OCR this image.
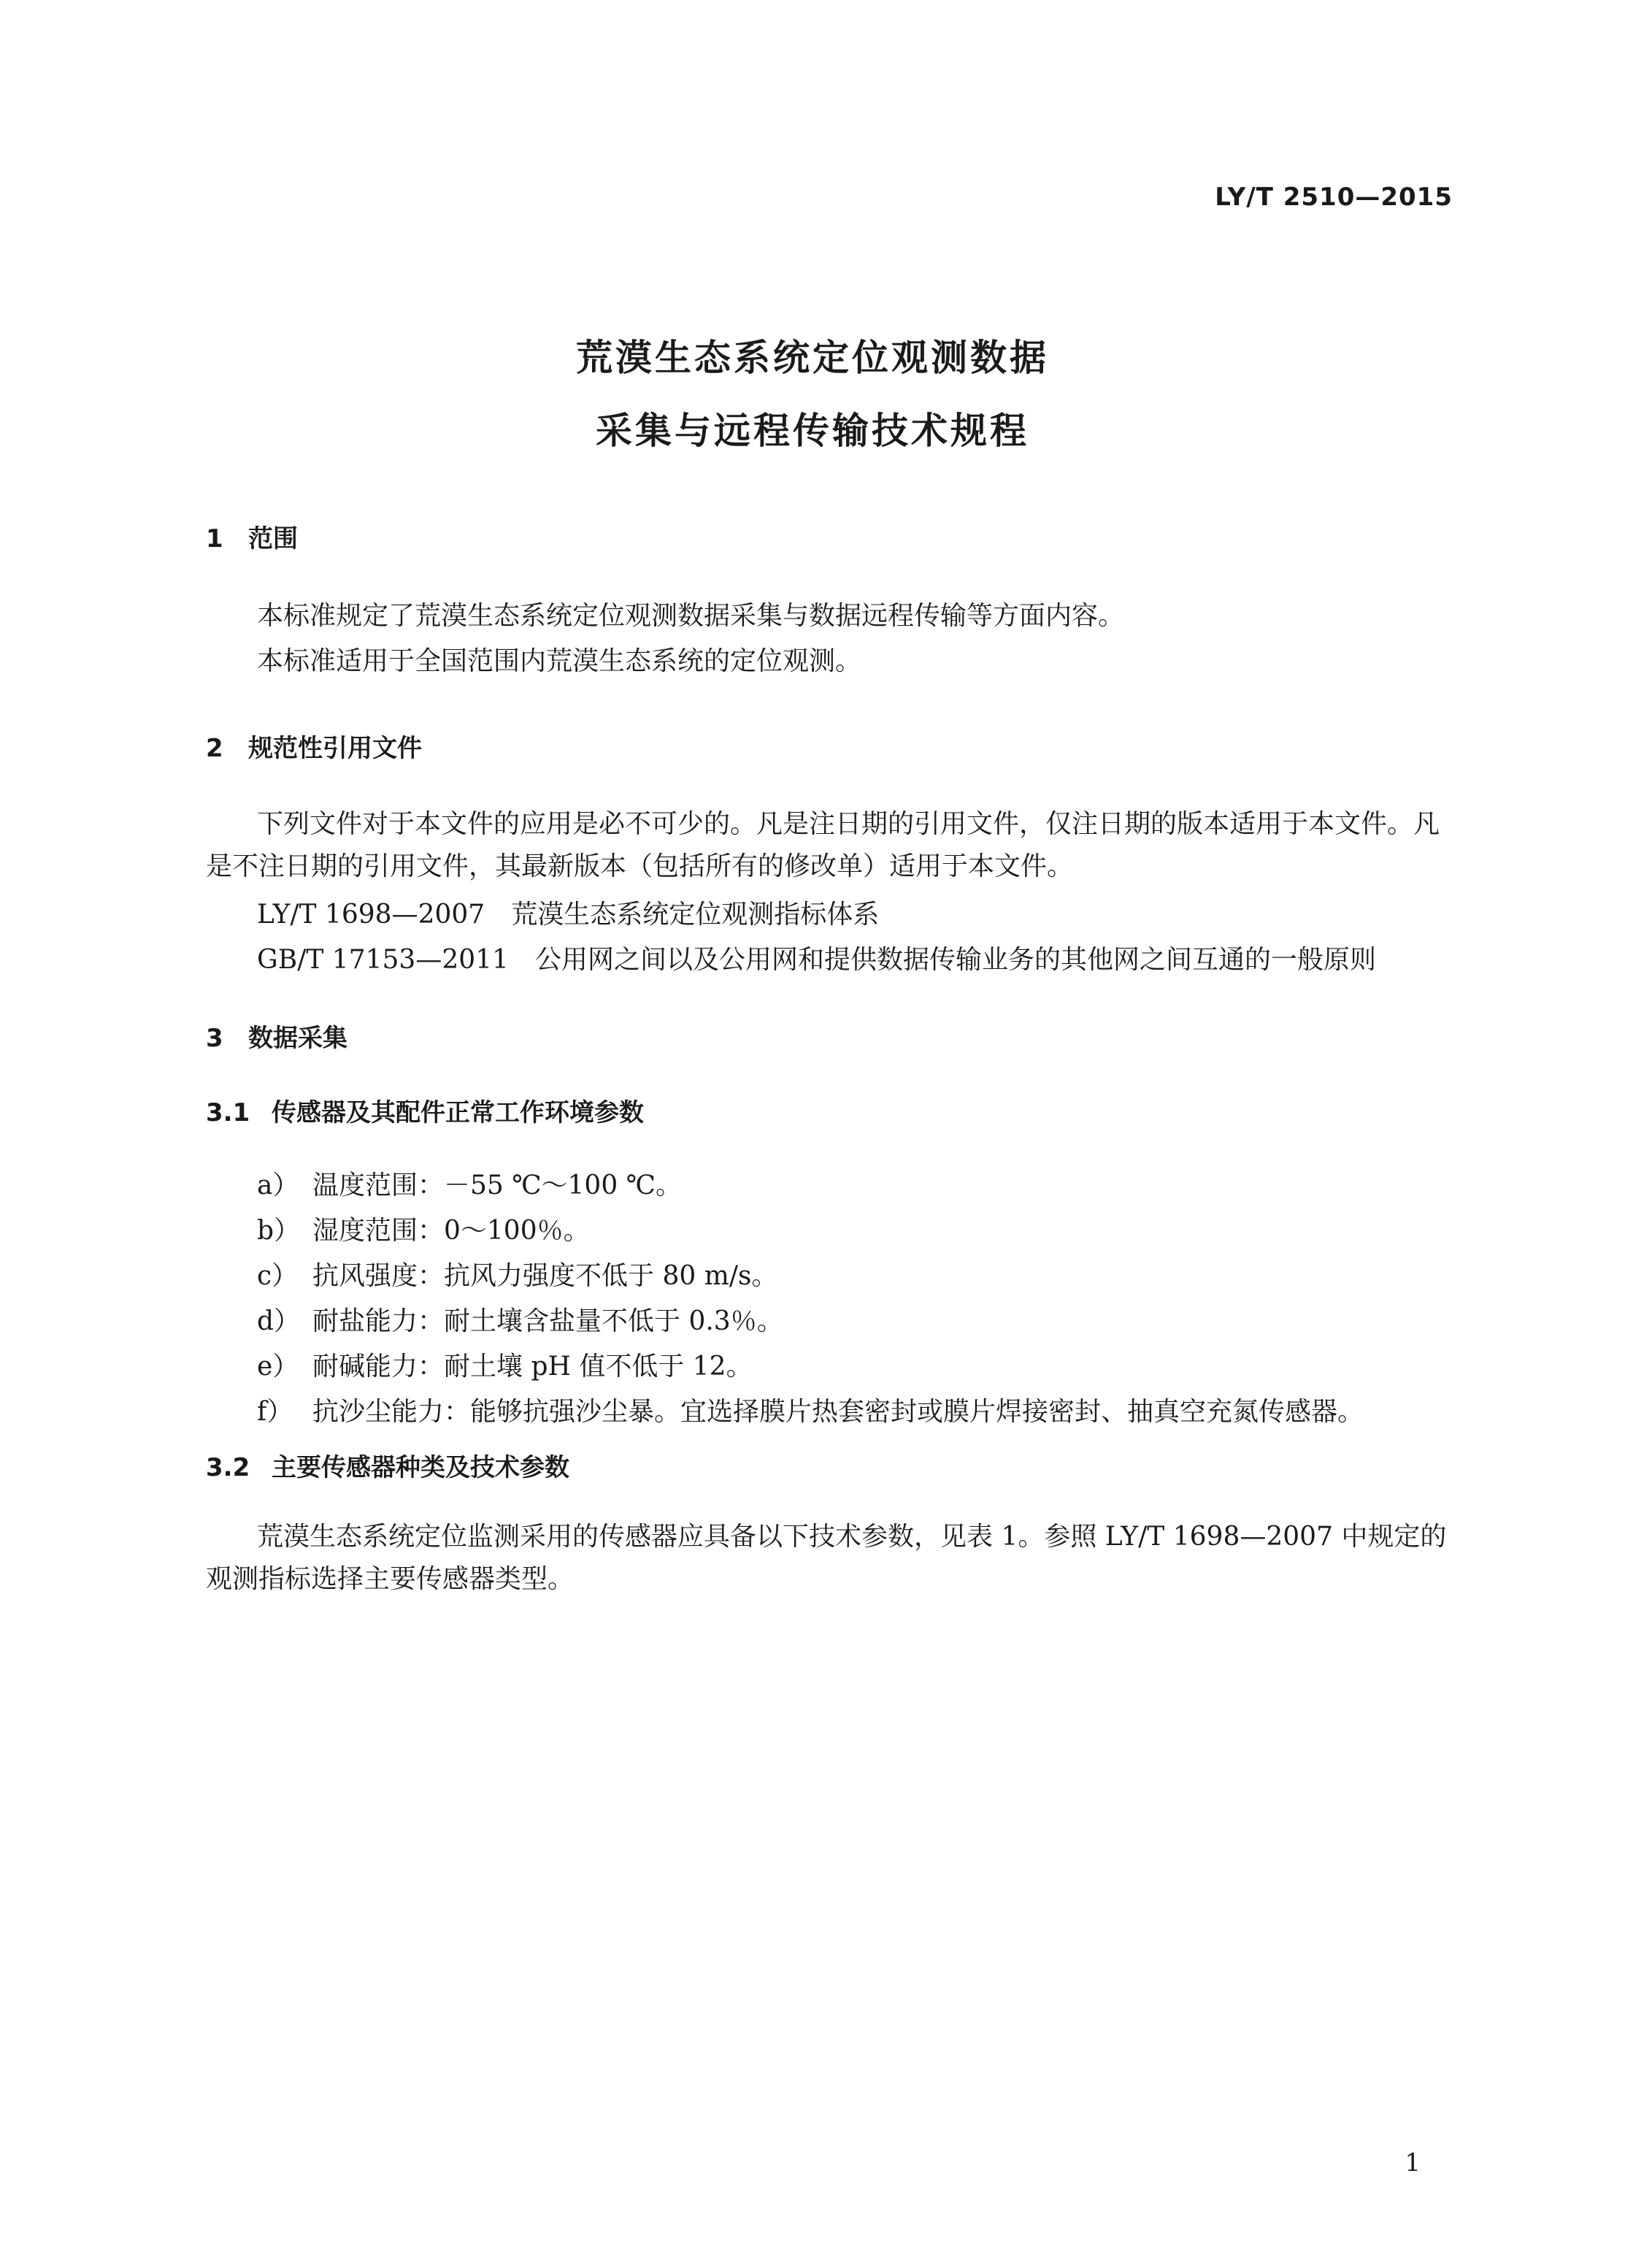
LY/T 2510—2015
荒漠生态系统定位观测数据
采集与远程传输技术规程
1 范围
本标准规定了荒漠生态系统定位观测数据采集与数据远程传输等方面内容。
本标准适用于全国范围内荒漠生态系统的定位观测。
2 规范性引用文件
下列文件对于本文件的应用是必不可少的。凡是注日期的引用文件，仅注日期的版本适用于本文件。凡是不注日期的引用文件，其最新版本（包括所有的修改单）适用于本文件。
LY/T 1698—2007 荒漠生态系统定位观测指标体系
GB/T 17153—2011 公用网之间以及公用网和提供数据传输业务的其他网之间互通的一般原则
3 数据采集
3.1 传感器及其配件正常工作环境参数
a） 温度范围：－55 ℃～100 ℃。
b） 湿度范围：0～100％。
c） 抗风强度：抗风力强度不低于 80 m/s。
d） 耐盐能力：耐土壤含盐量不低于 0.3％。
e） 耐碱能力：耐土壤 pH 值不低于 12。
f） 抗沙尘能力：能够抗强沙尘暴。宜选择膜片热套密封或膜片焊接密封、抽真空充氮传感器。
3.2 主要传感器种类及技术参数
荒漠生态系统定位监测采用的传感器应具备以下技术参数，见表 1。参照 LY/T 1698—2007 中规定的观测指标选择主要传感器类型。
1
